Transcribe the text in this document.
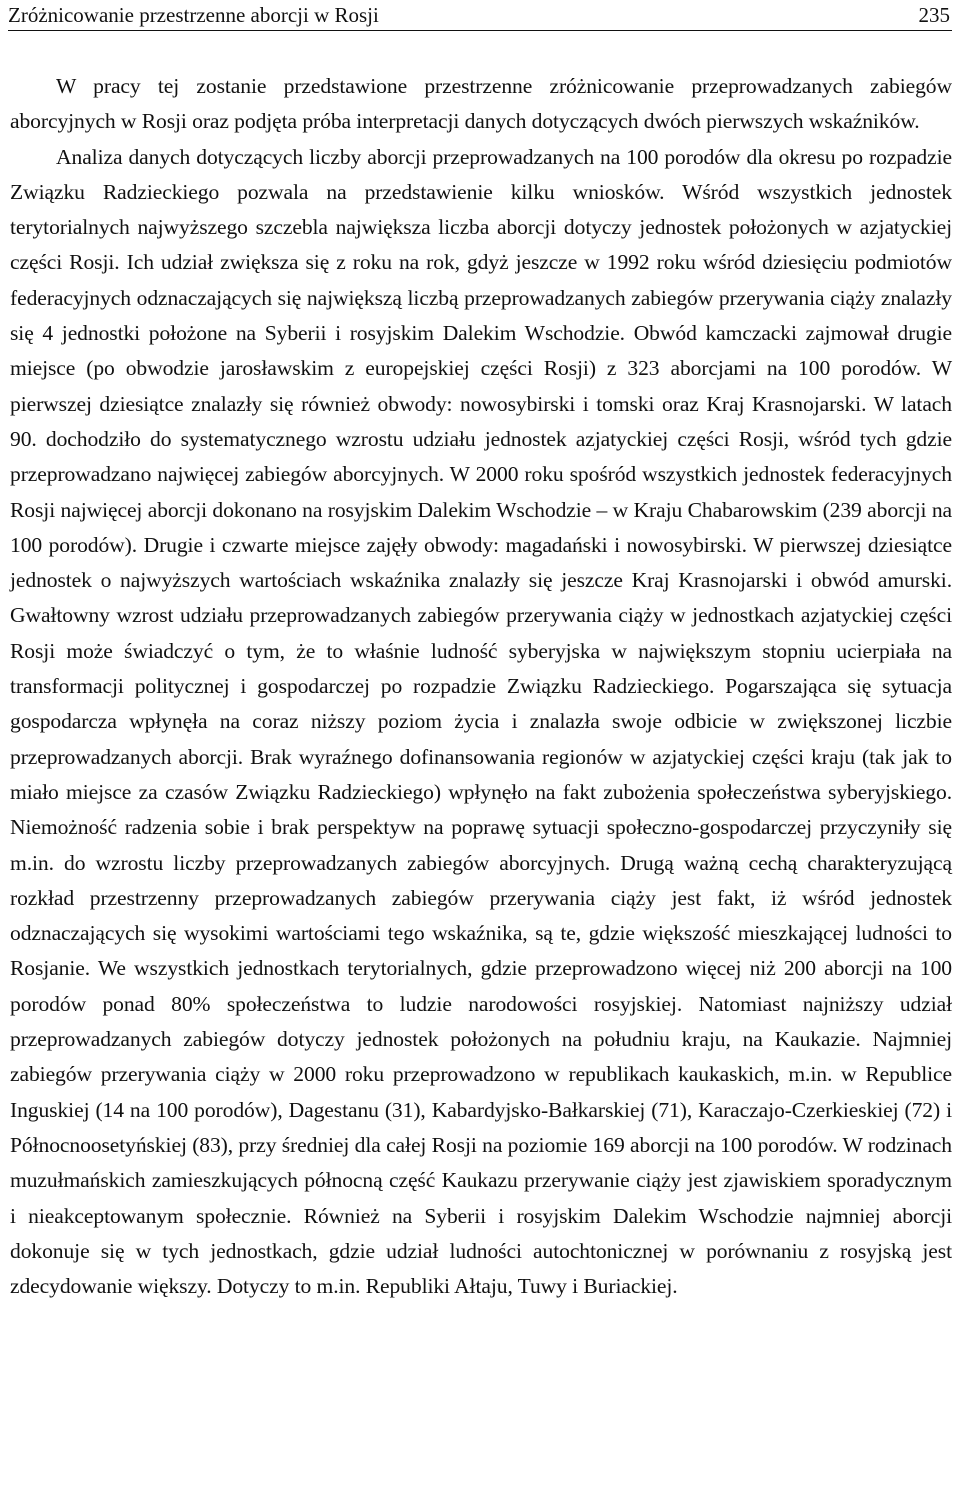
Zróżnicowanie przestrzenne aborcji w Rosji	235

W pracy tej zostanie przedstawione przestrzenne zróżnicowanie przeprowadzanych zabiegów aborcyjnych w Rosji oraz podjęta próba interpretacji danych dotyczących dwóch pierwszych wskaźników.

Analiza danych dotyczących liczby aborcji przeprowadzanych na 100 porodów dla okresu po rozpadzie Związku Radzieckiego pozwala na przedstawienie kilku wniosków. Wśród wszystkich jednostek terytorialnych najwyższego szczebla największa liczba aborcji dotyczy jednostek położonych w azjatyckiej części Rosji. Ich udział zwiększa się z roku na rok, gdyż jeszcze w 1992 roku wśród dziesięciu podmiotów federacyjnych odznaczających się największą liczbą przeprowadzanych zabiegów przerywania ciąży znalazły się 4 jednostki położone na Syberii i rosyjskim Dalekim Wschodzie. Obwód kamczacki zajmował drugie miejsce (po obwodzie jarosławskim z europejskiej części Rosji) z 323 aborcjami na 100 porodów. W pierwszej dziesiątce znalazły się również obwody: nowosybirski i tomski oraz Kraj Krasnojarski. W latach 90. dochodziło do systematycznego wzrostu udziału jednostek azjatyckiej części Rosji, wśród tych gdzie przeprowadzano najwięcej zabiegów aborcyjnych. W 2000 roku spośród wszystkich jednostek federacyjnych Rosji najwięcej aborcji dokonano na rosyjskim Dalekim Wschodzie – w Kraju Chabarowskim (239 aborcji na 100 porodów). Drugie i czwarte miejsce zajęły obwody: magadański i nowosybirski. W pierwszej dziesiątce jednostek o najwyższych wartościach wskaźnika znalazły się jeszcze Kraj Krasnojarski i obwód amurski. Gwałtowny wzrost udziału przeprowadzanych zabiegów przerywania ciąży w jednostkach azjatyckiej części Rosji może świadczyć o tym, że to właśnie ludność syberyjska w największym stopniu ucierpiała na transformacji politycznej i gospodarczej po rozpadzie Związku Radzieckiego. Pogarszająca się sytuacja gospodarcza wpłynęła na coraz niższy poziom życia i znalazła swoje odbicie w zwiększonej liczbie przeprowadzanych aborcji. Brak wyraźnego dofinansowania regionów w azjatyckiej części kraju (tak jak to miało miejsce za czasów Związku Radzieckiego) wpłynęło na fakt zubożenia społeczeństwa syberyjskiego. Niemożność radzenia sobie i brak perspektyw na poprawę sytuacji społeczno-gospodarczej przyczyniły się m.in. do wzrostu liczby przeprowadzanych zabiegów aborcyjnych. Drugą ważną cechą charakteryzującą rozkład przestrzenny przeprowadzanych zabiegów przerywania ciąży jest fakt, iż wśród jednostek odznaczających się wysokimi wartościami tego wskaźnika, są te, gdzie większość mieszkającej ludności to Rosjanie. We wszystkich jednostkach terytorialnych, gdzie przeprowadzono więcej niż 200 aborcji na 100 porodów ponad 80% społeczeństwa to ludzie narodowości rosyjskiej. Natomiast najniższy udział przeprowadzanych zabiegów dotyczy jednostek położonych na południu kraju, na Kaukazie. Najmniej zabiegów przerywania ciąży w 2000 roku przeprowadzono w republikach kaukaskich, m.in. w Republice Inguskiej (14 na 100 porodów), Dagestanu (31), Kabardyjsko-Bałkarskiej (71), Karaczajo-Czerkieskiej (72) i Północnoosetyńskiej (83), przy średniej dla całej Rosji na poziomie 169 aborcji na 100 porodów. W rodzinach muzułmańskich zamieszkujących północną część Kaukazu przerywanie ciąży jest zjawiskiem sporadycznym i nieakceptowanym społecznie. Również na Syberii i rosyjskim Dalekim Wschodzie najmniej aborcji dokonuje się w tych jednostkach, gdzie udział ludności autochtonicznej w porównaniu z rosyjską jest zdecydowanie większy. Dotyczy to m.in. Republiki Ałtaju, Tuwy i Buriackiej.
